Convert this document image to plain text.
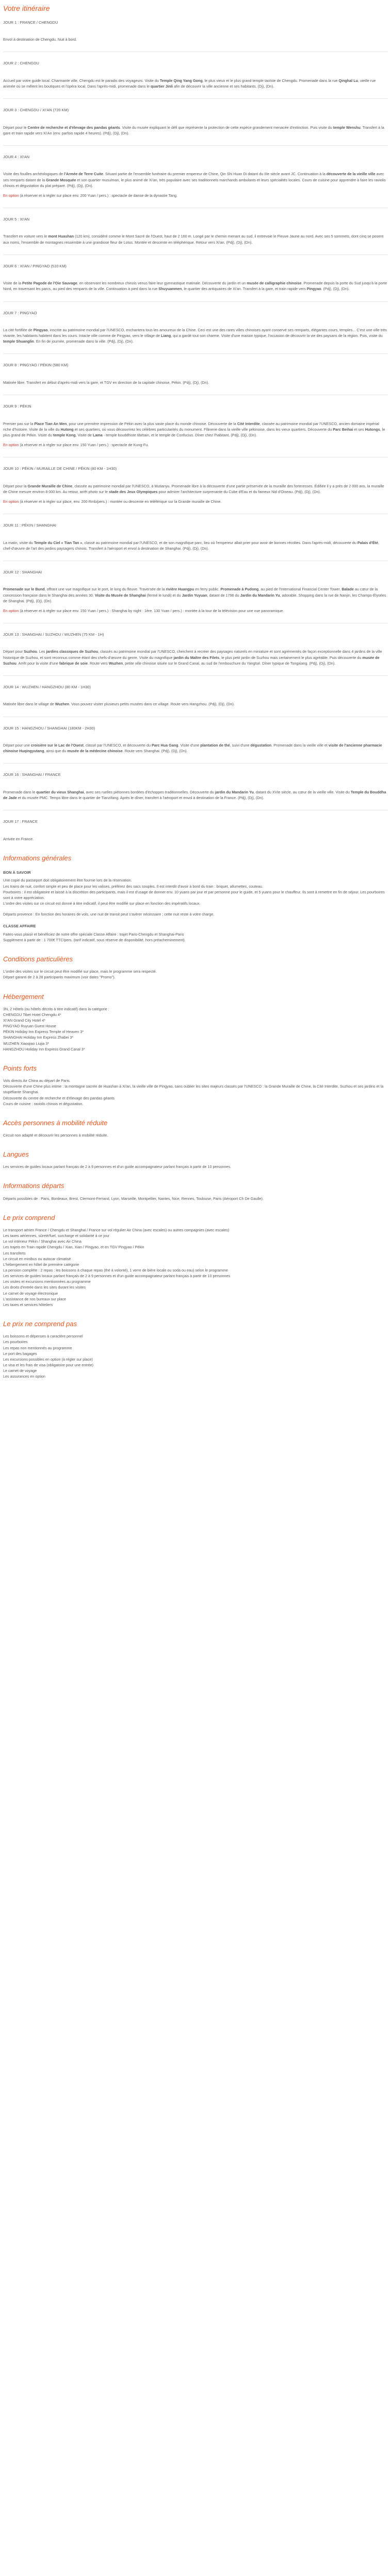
Votre itinéraire
JOUR 1 : FRANCE / CHENGDU
Envol à destination de Chengdu. Nuit à bord.
JOUR 2 : CHENGDU
Accueil par votre guide local. Charmante ville, Chengdu est le paradis des voyageurs. Visite du Temple Qing Yang Gong, le plus vieux et le plus grand temple taoïste de Chengdu. Promenade dans la rue Qinghal Lu, vieille rue animée où se mêlent les boutiques et l'opéra local. Dans l'après-midi, promenade dans le quartier Jinli afin de découvrir la ville ancienne et ses habitants. (Dj), (Dn).
JOUR 3 : CHENGDU / XI'AN (720 KM)
Départ pour le Centre de recherche et d'élevage des pandas géants. Visite du musée expliquant le défi que représente la protection de cette espèce grandement menacée d'extinction. Puis visite du temple Wenshu. Transfert à la gare et train rapide vers Xi'An (env. parfois rapide 4 heures). (Pdj), (Dj), (Dn).
JOUR 4 : XI'AN
Visite des fouilles archéologiques de l'Armée de Terre Cuite. Situant partie de l'ensemble funéraire du premier empereur de Chine, Qin Shi Huan Di datant du IIIe siècle avant JC. Continuation à la découverte de la vieille ville avec ses remparts datant de la Grande Mosquée et son quartier musulman, le plus animé de Xi'an, très populaire avec ses traditionnels marchands ambulants et leurs spécialités locales. Cours de cuisine pour apprendre à faire les raviolis chinois et dégustation du plat préparé. (Pdj), (Dj), (Dn).
En option (à réserver et à régler sur place env. 200 Yuan / pers.) : spectacle de danse de la dynastie Tang.
JOUR 5 : XI'AN
Transfert en voiture vers le mont Huashan (120 km), considéré comme le Mont Sacré de l'Ouest, haut de 2 160 m. Longé par le chemin menant au sud, il entrevoie le Fleuve Jaune au nord. Avec ses 5 sommets, dont cinq se posent aux noms, l'ensemble de montagnes ressemble à une grandiose fleur de Lotus. Montée et descente en téléphérique. Retour vers Xi'an. (Pdj), (Dj), (Dn).
JOUR 6 : XI'AN / PINGYAO (510 KM)
Visite de la Petite Pagode de l'Oie Sauvage, en observant les nombreux chinois venus faire leur gymnastique matinale. Découverte du jardin et un musée de calligraphie chinoise. Promenade depuis la porte du Sud jusqu'à la porte Nord, en traversant les parcs, au pied des remparts de la ville. Continuation à pied dans la rue Shuyuanmen, le quartier des antiquaires de Xi'an. Transfert à la gare, et train rapide vers Pingyao. (Pdj), (Dj), (Dn).
JOUR 7 : PINGYAO
La cité fortifiée de Pingyao, inscrite au patrimoine mondial par l'UNESCO, enchantera tous les amoureux de la Chine. Ceci est une des rares villes chinoises ayant conservé ses remparts, élégantes cours, temples... C'est une ville très vivante, les habitants habitent dans les cours. Intacte ville comme de Pingyao, vers le village de Liang, qui a gardé tout son charme. Visite d'une maison typique, l'occasion de découvrir la vie des paysans de la région. Puis, visite du temple Shuanglin. En fin de journée, promenade dans la ville. (Pdj), (Dj), (Dn).
JOUR 8 : PINGYAO / PÉKIN (580 KM)
Matinée libre. Transfert en début d'après-midi vers la gare, et TGV en direction de la capitale chinoise, Pékin. (Pdj), (Dj), (Dn).
JOUR 9 : PÉKIN
Premier pas sur la Place Tian An Men, pour une première impression de Pékin avec la plus vaste place du monde chinoise. Découverte de la Cité Interdite, classée au patrimoine mondial par l'UNESCO, ancien domaine impérial riche d'histoire. Visite de la ville du Hutong et ses quartiers, où vous découvrirez les célèbres particularités du monument. Flânerie dans la vieille ville pékinoise, dans les vieux quartiers. Découverte du Parc Beihai et ses Hutongs, le plus grand de Pékin. Visite du temple Kong, Visite de Lama - temple bouddhiste tibétain, et le temple de Confucius. Dîner chez l'habitant. (Pdj), (Dj), (Dn).
En option (à réserver et à régler sur place env. 150 Yuan / pers.) : spectacle de Kung-Fu.
JOUR 10 : PÉKIN / MURAILLE DE CHINE / PÉKIN (80 KM - 1H30)
Départ pour la Grande Muraille de Chine, classée au patrimoine mondial par l'UNESCO, à Mutianyu. Promenade libre à la découverte d'une partie préservée de la muraille des forteresses. Édifiée il y a près de 2 000 ans, la muraille de Chine mesure environ 8 000 km. Au retour, arrêt photo sur le stade des Jeux Olympiques pour admirer l'architecture surprenante du Cube d'Eau et du fameux Nid d'Oiseau. (Pdj), (Dj), (Dn).
En option (à réserver et à régler sur place, env. 200 Rmb/pers.) : montée ou descente en téléférique sur la Grande muraille de Chine.
JOUR 11 : PÉKIN / SHANGHAI
La matin, visite du Temple du Ciel « Tian Tan », classé au patrimoine mondial par l'UNESCO, et de son magnifique parc, lieu où l'empereur allait prier pour avoir de bonnes récoltes. Dans l'après-midi, découverte du Palais d'Été, chef-d'œuvre de l'art des jardins paysagers chinois. Transfert à l'aéroport et envol à destination de Shanghai. (Pdj), (Dj), (Dn).
JOUR 12 : SHANGHAI
Promenade sur le Bund, offrant une vue magnifique sur le port, le long du fleuve. Traversée de la rivière Huangpu en ferry public. Promenade à Pudong, au pied de l'International Financial Center Tower. Balade au cœur de la concession française dans le Shanghai des années 30. Visite du Musée de Shanghai (fermé le lundi) et du Jardin Yuyuan, datant de 1796 du Jardin du Mandarin Yu, adorable. Shopping dans la rue de Nanjin, les Champs-Élysées de Shanghai. (Pdj), (Dj), (Dn).
En option (à réserver et à régler sur place env. 150 Yuan / pers.) : Shanghai by night : 1ère. 130 Yuan / pers.) : montée à la tour de la télévision pour une vue panoramique.
JOUR 13 : SHANGHAI / SUZHOU / WUZHEN (75 KM - 1H)
Départ pour Suzhou. Les jardins classiques de Suzhou, classés au patrimoine mondial par l'UNESCO, cherchent à recréer des paysages naturels en miniature et sont agrémentés de façon exceptionnelle dans 4 jardins de la ville historique de Suzhou, et sont reconnus comme étant des chefs-d'œuvre du genre. Visite du magnifique jardin du Maître des Filets, le plus petit jardin de Suzhou mais certainement le plus agréable. Puis découverte du musée de Suzhou. Arrêt pour la visite d'une fabrique de soie. Route vers Wuzhen, petite ville chinoise située sur le Grand Canal, au sud de l'embouchure du Yangtsé. Dîner typique de Tongxiang. (Pdj), (Dj), (Dn).
JOUR 14 : WUZHEN / HANGZHOU (80 KM - 1H30)
Matinée libre dans le village de Wuzhen. Vous pouvez visiter plusieurs petits musées dans ce village. Route vers Hangzhou. (Pdj), (Dj), (Dn).
JOUR 15 : HANGZHOU / SHANGHAI (180KM - 2H30)
Départ pour une croisière sur le Lac de l'Ouest, classé par l'UNESCO, et découverte du Parc Hua Gang. Visite d'une plantation de thé, suivi d'une dégustation. Promenade dans la vieille ville et visite de l'ancienne pharmacie chinoise Huqingyutang, ainsi que du musée de la médecine chinoise. Route vers Shanghai. (Pdj), (Dj), (Dn).
JOUR 16 : SHANGHAI / FRANCE
Promenade dans le quartier du vieux Shanghai, avec ses ruelles piétonnes bordées d'échoppes traditionnelles. Découverte du jardin du Mandarin Yu, datant du XVIe siècle, au cœur de la vieille ville. Visite du Temple du Bouddha de Jade et du musée PMC. Temps libre dans le quartier de Tianzifang. Après le dîner, transfert à l'aéroport et envol à destination de la France. (Pdj), (Dj), (Dn).
JOUR 17 : FRANCE
Arrivée en France.
Informations générales
BON À SAVOIR
Une copie du passeport doit obligatoirement être fournie lors de la réservation.
Les trains de nuit, confort simple et peu de place pour les valises, préférez des sacs souples. Il est interdit d'avoir à bord du train : briquet, allumettes, couteau.
Pourboires : il est obligatoire et laissé à la discrétion des participants, mais il est d'usage de donner env. 10 yuans par jour et par personne pour le guide, et 5 yuans pour le chauffeur. Ils sont à remettre en fin de séjour. Les pourboires sont à votre appréciation.
L'ordre des visites sur ce circuit est donné à titre indicatif, il peut être modifié sur place en fonction des impératifs locaux.
Départs provence : En fonction des horaires de vols, une nuit de transit peut s'avérer nécessaire ; cette nuit reste à votre charge.
CLASSE AFFAIRE
Faites-vous plaisir et bénéficiez de notre offre spéciale Classe Affaire : trajet Paris-Chengdu et Shanghai-Paris
Supplément à partir de : 1 700€ TTC/pers. (tarif indicatif, sous réserve de disponibilité, hors préacheminement).
Conditions particulières
L'ordre des visites sur le circuit peut être modifié sur place, mais le programme sera respecté.
Départ garanti de 2 à 28 participants maximum (voir dates "Promo").
Hébergement
3N, 2 Hôtels (ou hôtels décrits à titre indicatif) dans la catégorie :
CHENGDU Tibet Hotel Chengdu 4*
XI'AN Grand City Hotel 4*
PINGYAO Ruyuan Guest House
PÉKIN Holiday Inn Express Temple of Heaven 3*
SHANGHAI Holiday Inn Express Zhabei 3*
WUZHEN Xiaoqiao Liujia 3*
HANGZHOU Holiday Inn Express Grand Canal 3*
Points forts
Vols directs Air China au départ de Paris.
Découverte d'une Chine plus intime : la montagne sacrée de Huashan à Xi'an, la vieille ville de Pingyao, sans oublier les sites majeurs classés par l'UNESCO : la Grande Muraille de Chine, la Cité Interdite, Suzhou et ses jardins et la stupéfiante Shanghai.
Découverte du centre de recherche et d'élevage des pandas géants
Cours de cuisine : raviolis chinois et dégustation.
Accès personnes à mobilité réduite
Circuit non adapté et découvrir les personnes à mobilité réduite.
Langues
Les services de guides locaux parlant français de 2 à 9 personnes et d'un guide accompagnateur parlant français à partir de 10 personnes.
Informations départs
Départs possibles de : Paris, Bordeaux, Brest, Clermont-Ferrand, Lyon, Marseille, Montpellier, Nantes, Nice, Rennes, Toulouse, Paris (Aéroport Ch De Gaulle).
Le prix comprend
Le transport aérien France / Chengdu et Shanghai / France sur vol régulier Air China (avec escales) ou autres compagnies (avec escales)
Les taxes aériennes, sûreté/fuel, surcharge et solidarité à ce jour
Le vol intérieur Pékin / Shanghai avec Air China
Les trajets en Train rapide Chengdu / Xian, Xian / Pingyao, et en TGV Pingyao / Pékin
Les transferts
Le circuit en minibus ou autocar climatisé
L'hébergement en hôtel de première catégorie
La pension complète : 2 repas : les boissons à chaque repas (thé à volonté), 1 verre de bière locale ou soda ou eau) selon le programme
Les services de guides locaux parlant français de 2 à 9 personnes et d'un guide accompagnateur parlant français à partir de 10 personnes
Les visites et excursions mentionnées au programme
Les droits d'entrée dans les sites durant les visites
Le carnet de voyage électronique
L'assistance de nos bureaux sur place
Les taxes et services hôteliers
Le prix ne comprend pas
Les boissons et dépenses à caractère personnel
Les pourboires
Les repas non mentionnés au programme
Le port des bagages
Les excursions possibles en option (à régler sur place)
Le visa et les frais de visa (obligatoire pour une entrée)
Le carnet de voyage
Les assurances en option
